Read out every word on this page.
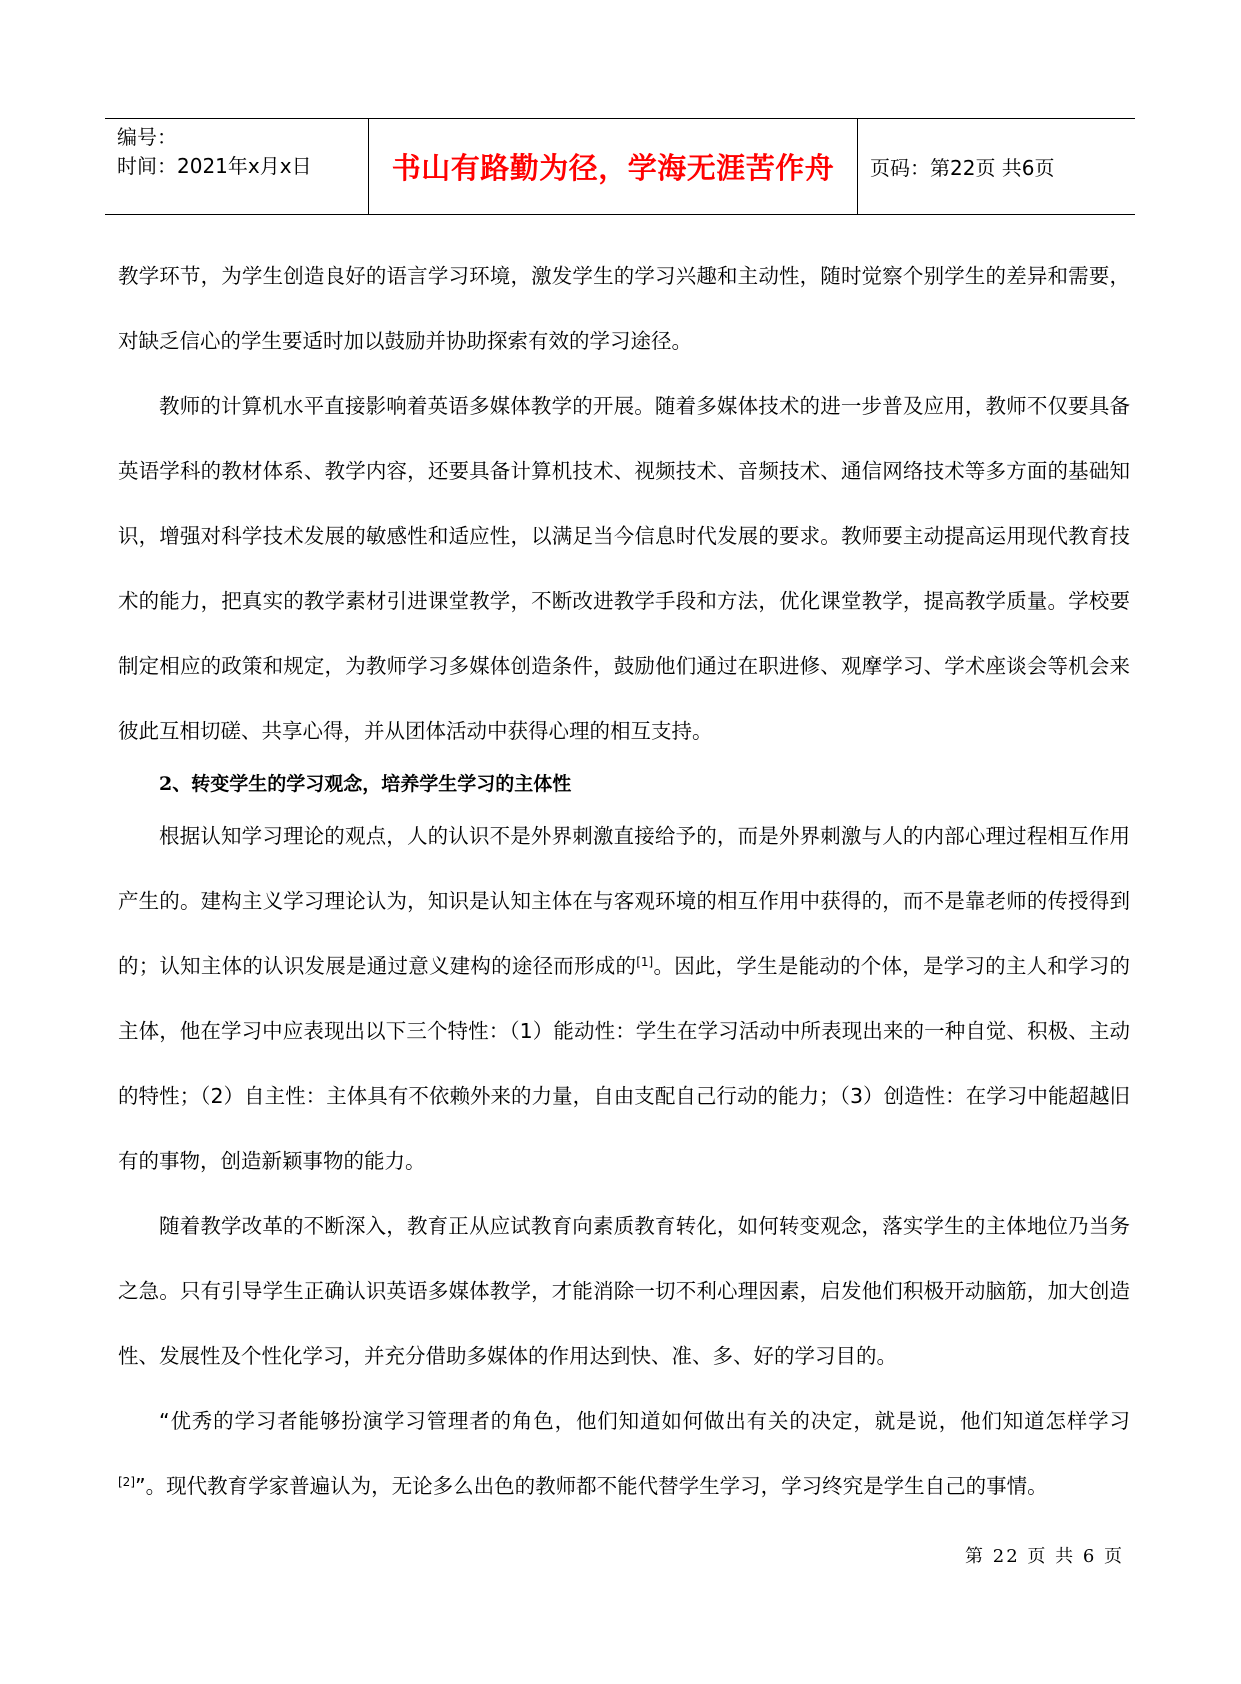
编号：
时间：2021年x月x日	书山有路勤为径，学海无涯苦作舟 页码：第22页 共6页

教学环节，为学生创造良好的语言学习环境，激发学生的学习兴趣和主动性，随时觉察个别学生的差异和需要，对缺乏信心的学生要适时加以鼓励并协助探索有效的学习途径。

教师的计算机水平直接影响着英语多媒体教学的开展。随着多媒体技术的进一步普及应用，教师不仅要具备英语学科的教材体系、教学内容，还要具备计算机技术、视频技术、音频技术、通信网络技术等多方面的基础知识，增强对科学技术发展的敏感性和适应性，以满足当今信息时代发展的要求。教师要主动提高运用现代教育技术的能力，把真实的教学素材引进课堂教学，不断改进教学手段和方法，优化课堂教学，提高教学质量。学校要制定相应的政策和规定，为教师学习多媒体创造条件，鼓励他们通过在职进修、观摩学习、学术座谈会等机会来彼此互相切磋、共享心得，并从团体活动中获得心理的相互支持。

2、转变学生的学习观念，培养学生学习的主体性

根据认知学习理论的观点，人的认识不是外界刺激直接给予的，而是外界刺激与人的内部心理过程相互作用产生的。建构主义学习理论认为，知识是认知主体在与客观环境的相互作用中获得的，而不是靠老师的传授得到的；认知主体的认识发展是通过意义建构的途径而形成的[1]。因此，学生是能动的个体，是学习的主人和学习的主体，他在学习中应表现出以下三个特性：（1）能动性：学生在学习活动中所表现出来的一种自觉、积极、主动的特性；（2）自主性：主体具有不依赖外来的力量，自由支配自己行动的能力；（3）创造性：在学习中能超越旧有的事物，创造新颖事物的能力。

随着教学改革的不断深入，教育正从应试教育向素质教育转化，如何转变观念，落实学生的主体地位乃当务之急。只有引导学生正确认识英语多媒体教学，才能消除一切不利心理因素，启发他们积极开动脑筋，加大创造性、发展性及个性化学习，并充分借助多媒体的作用达到快、准、多、好的学习目的。

“优秀的学习者能够扮演学习管理者的角色，他们知道如何做出有关的决定，就是说，他们知道怎样学习[2]”。现代教育学家普遍认为，无论多么出色的教师都不能代替学生学习，学习终究是学生自己的事情。

第 22 页 共 6 页
